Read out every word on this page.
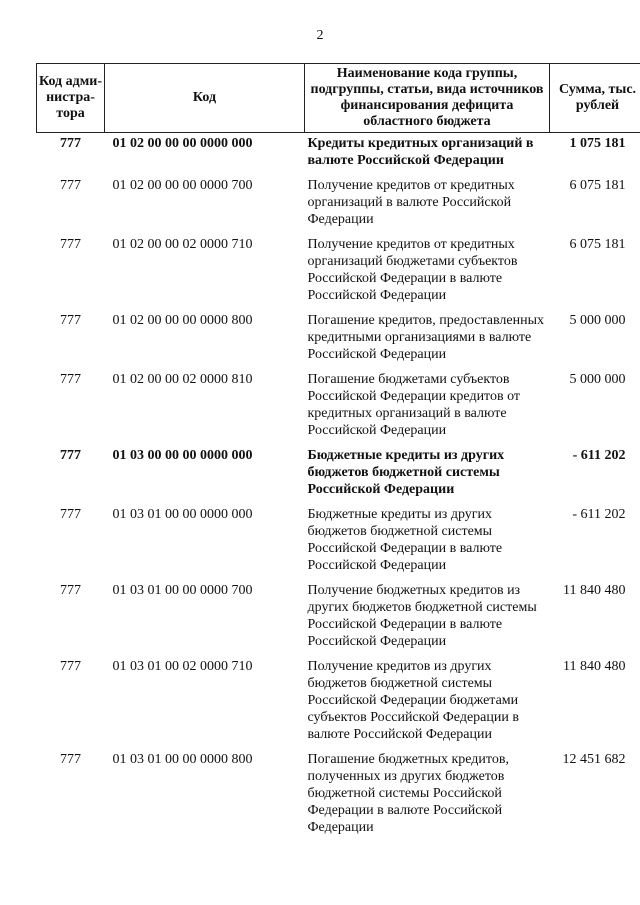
2
Код адми-нистра-тора	Код	Наименование кода группы, подгруппы, статьи, вида источников финансирования дефицита областного бюджета	Сумма, тыс. рублей
777	01 02 00 00 00 0000 000	Кредиты кредитных организаций в валюте Российской Федерации	1 075 181
777	01 02 00 00 00 0000 700	Получение кредитов от кредитных организаций в валюте Российской Федерации	6 075 181
777	01 02 00 00 02 0000 710	Получение кредитов от кредитных организаций бюджетами субъектов Российской Федерации в валюте Российской Федерации	6 075 181
777	01 02 00 00 00 0000 800	Погашение кредитов, предоставленных кредитными организациями в валюте Российской Федерации	5 000 000
777	01 02 00 00 02 0000 810	Погашение бюджетами субъектов Российской Федерации кредитов от кредитных организаций в валюте Российской Федерации	5 000 000
777	01 03 00 00 00 0000 000	Бюджетные кредиты из других бюджетов бюджетной системы Российской Федерации	- 611 202
777	01 03 01 00 00 0000 000	Бюджетные кредиты из других бюджетов бюджетной системы Российской Федерации в валюте Российской Федерации	- 611 202
777	01 03 01 00 00 0000 700	Получение бюджетных кредитов из других бюджетов бюджетной системы Российской Федерации в валюте Российской Федерации	11 840 480
777	01 03 01 00 02 0000 710	Получение кредитов из других бюджетов бюджетной системы Российской Федерации бюджетами субъектов Российской Федерации в валюте Российской Федерации	11 840 480
777	01 03 01 00 00 0000 800	Погашение бюджетных кредитов, полученных из других бюджетов бюджетной системы Российской Федерации в валюте Российской Федерации	12 451 682
